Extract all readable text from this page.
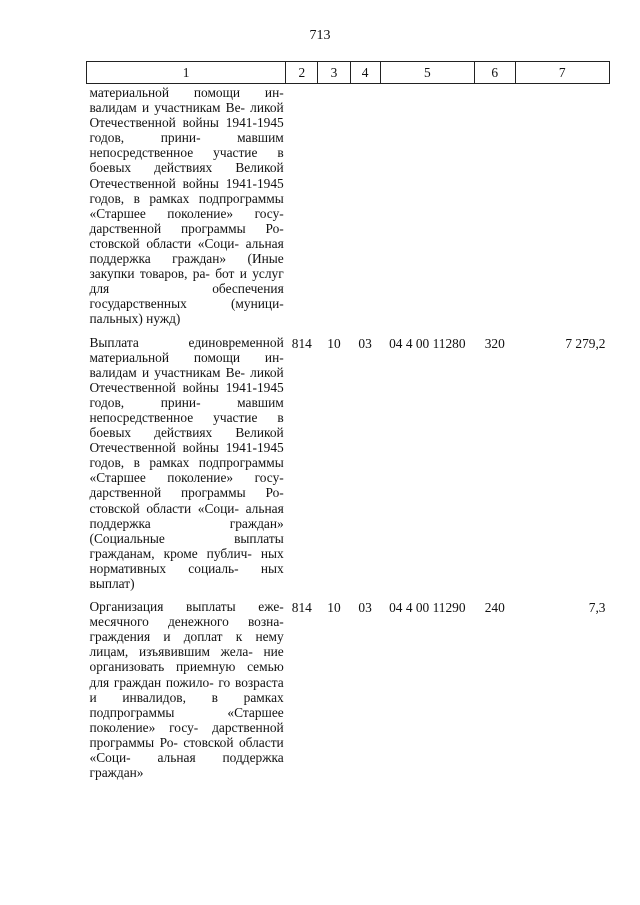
713
1	2	3	4	5	6	7
материальной помощи ин- валидам и участникам Ве- ликой Отечественной войны 1941-1945 годов, прини- мавшим непосредственное участие в боевых действиях Великой Отечественной войны 1941-1945 годов, в рамках подпрограммы «Старшее поколение» госу- дарственной программы Ро- стовской области «Соци- альная поддержка граждан» (Иные закупки товаров, ра- бот и услуг для обеспечения государственных (муници- пальных) нужд)						
Выплата единовременной материальной помощи ин- валидам и участникам Ве- ликой Отечественной войны 1941-1945 годов, прини- мавшим непосредственное участие в боевых действиях Великой Отечественной войны 1941-1945 годов, в рамках подпрограммы «Старшее поколение» госу- дарственной программы Ро- стовской области «Соци- альная поддержка граждан» (Социальные выплаты гражданам, кроме публич- ных нормативных социаль- ных выплат)	814	10	03	04 4 00 11280	320	7 279,2
Организация выплаты еже- месячного денежного возна- граждения и доплат к нему лицам, изъявившим жела- ние организовать приемную семью для граждан пожило- го возраста и инвалидов, в рамках подпрограммы «Старшее поколение» госу- дарственной программы Ро- стовской области «Соци- альная поддержка граждан»	814	10	03	04 4 00 11290	240	7,3
